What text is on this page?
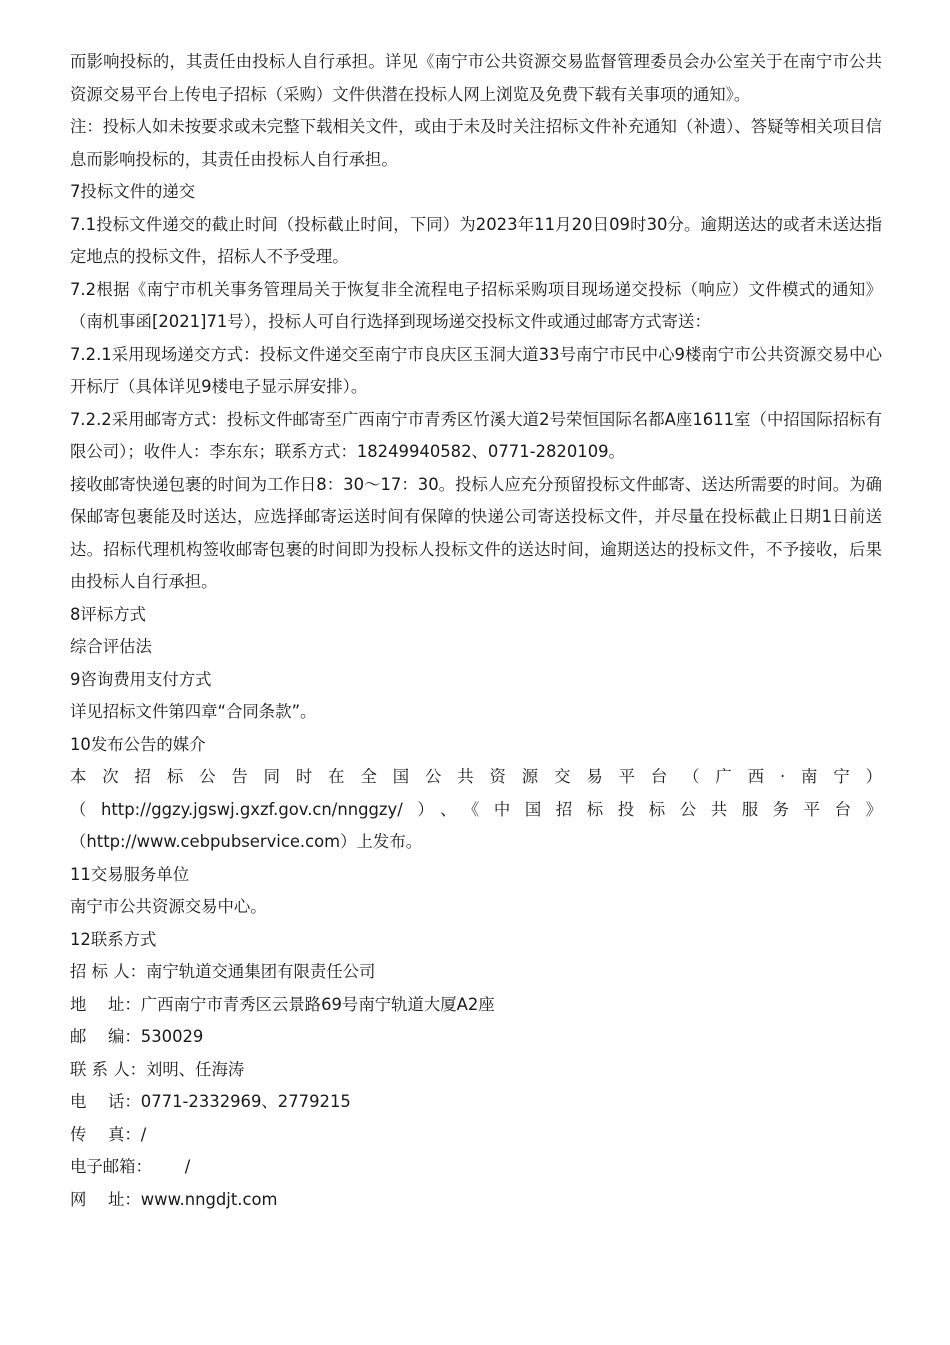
而影响投标的，其责任由投标人自行承担。详见《南宁市公共资源交易监督管理委员会办公室关于在南宁市公共资源交易平台上传电子招标（采购）文件供潜在投标人网上浏览及免费下载有关事项的通知》。

注：投标人如未按要求或未完整下载相关文件，或由于未及时关注招标文件补充通知（补遗）、答疑等相关项目信息而影响投标的，其责任由投标人自行承担。

7投标文件的递交

7.1投标文件递交的截止时间（投标截止时间，下同）为2023年11月20日09时30分。逾期送达的或者未送达指定地点的投标文件，招标人不予受理。

7.2根据《南宁市机关事务管理局关于恢复非全流程电子招标采购项目现场递交投标（响应）文件模式的通知》（南机事函[2021]71号），投标人可自行选择到现场递交投标文件或通过邮寄方式寄送：

7.2.1采用现场递交方式：投标文件递交至南宁市良庆区玉洞大道33号南宁市民中心9楼南宁市公共资源交易中心开标厅（具体详见9楼电子显示屏安排）。

7.2.2采用邮寄方式：投标文件邮寄至广西南宁市青秀区竹溪大道2号荣恒国际名都A座1611室（中招国际招标有限公司）；收件人：李东东；联系方式：18249940582、0771-2820109。

接收邮寄快递包裹的时间为工作日8：30～17：30。投标人应充分预留投标文件邮寄、送达所需要的时间。为确保邮寄包裹能及时送达，应选择邮寄运送时间有保障的快递公司寄送投标文件，并尽量在投标截止日期1日前送达。招标代理机构签收邮寄包裹的时间即为投标人投标文件的送达时间，逾期送达的投标文件，不予接收，后果由投标人自行承担。

8评标方式

综合评估法

9咨询费用支付方式

详见招标文件第四章“合同条款”。

10发布公告的媒介

本次招标公告同时在全国公共资源交易平台（广西·南宁）

（http://ggzy.jgswj.gxzf.gov.cn/nnggzy/）、《中国招标投标公共服务平台》

（http://www.cebpubservice.com）上发布。

11交易服务单位

南宁市公共资源交易中心。

12联系方式

招 标 人： 南宁轨道交通集团有限责任公司
地　 址： 广西南宁市青秀区云景路69号南宁轨道大厦A2座
邮　 编： 530029
联 系 人： 刘明、任海涛
电　 话： 0771-2332969、2779215
传　 真： /
电子邮箱： 　　/
网　 址： www.nngdjt.com
